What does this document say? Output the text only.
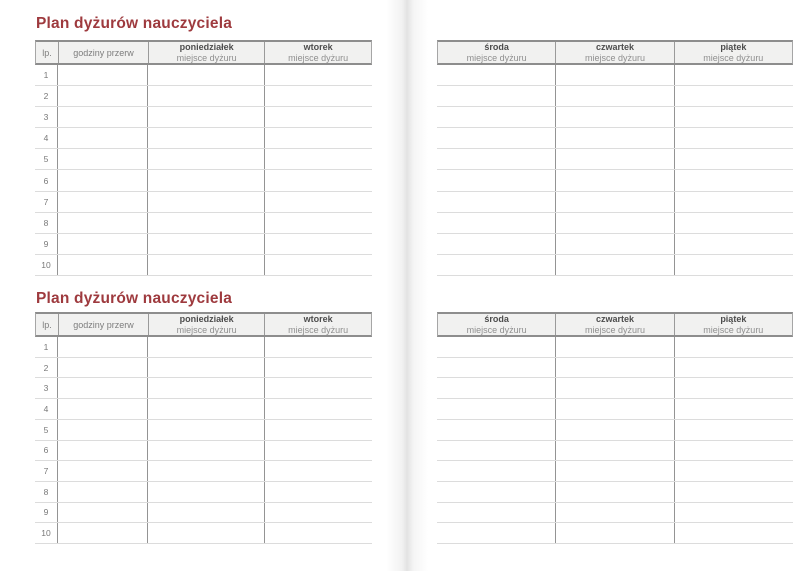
Plan dyżurów nauczyciela
lp. godziny przerw
poniedziałek
miejsce dyżuru
wtorek
miejsce dyżuru
1
2
3
4
5
6
7
8
9
10
środa
miejsce dyżuru
czwartek
miejsce dyżuru
piątek
miejsce dyżuru
Plan dyżurów nauczyciela
lp. godziny przerw
poniedziałek
miejsce dyżuru
wtorek
miejsce dyżuru
1
2
3
4
5
6
7
8
9
10
środa
miejsce dyżuru
czwartek
miejsce dyżuru
piątek
miejsce dyżuru
